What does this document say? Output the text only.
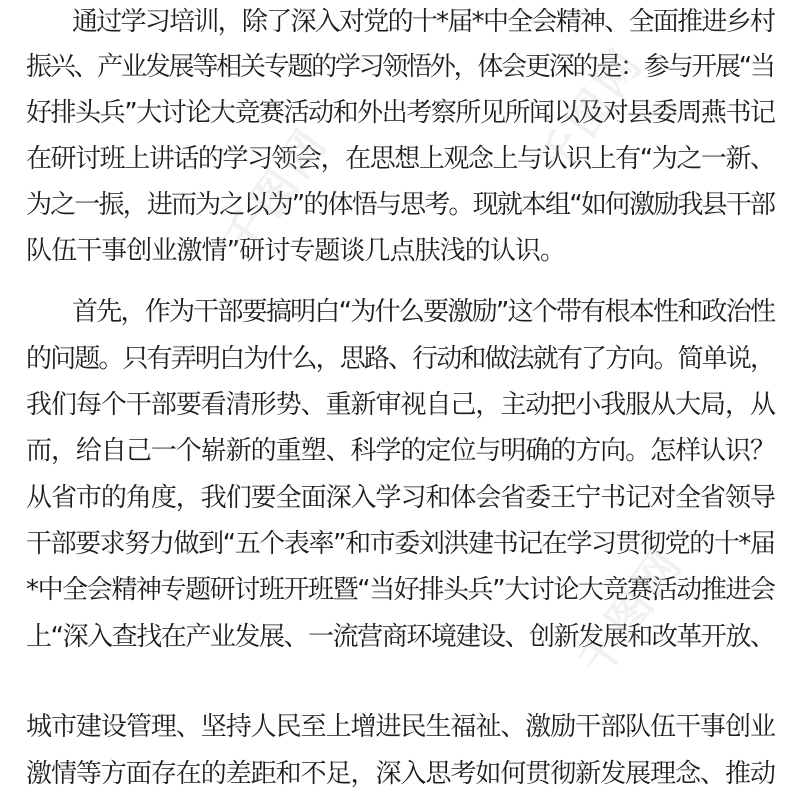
通过学习培训，除了深入对党的十*届*中全会精神、全面推进乡村
振兴、产业发展等相关专题的学习领悟外，体会更深的是：参与开展“当
好排头兵”大讨论大竞赛活动和外出考察所见所闻以及对县委周燕书记
在研讨班上讲话的学习领会，在思想上观念上与认识上有“为之一新、
为之一振，进而为之以为”的体悟与思考。现就本组“如何激励我县干部
队伍干事创业激情”研讨专题谈几点肤浅的认识。
首先，作为干部要搞明白“为什么要激励”这个带有根本性和政治性
的问题。只有弄明白为什么，思路、行动和做法就有了方向。简单说，
我们每个干部要看清形势、重新审视自己，主动把小我服从大局，从
而，给自己一个崭新的重塑、科学的定位与明确的方向。怎样认识？
从省市的角度，我们要全面深入学习和体会省委王宁书记对全省领导
干部要求努力做到“五个表率”和市委刘洪建书记在学习贯彻党的十*届
*中全会精神专题研讨班开班暨“当好排头兵”大讨论大竞赛活动推进会
上“深入查找在产业发展、一流营商环境建设、创新发展和改革开放、
城市建设管理、坚持人民至上增进民生福祉、激励干部队伍干事创业
激情等方面存在的差距和不足，深入思考如何贯彻新发展理念、推动
千图网
千图网
千图网
